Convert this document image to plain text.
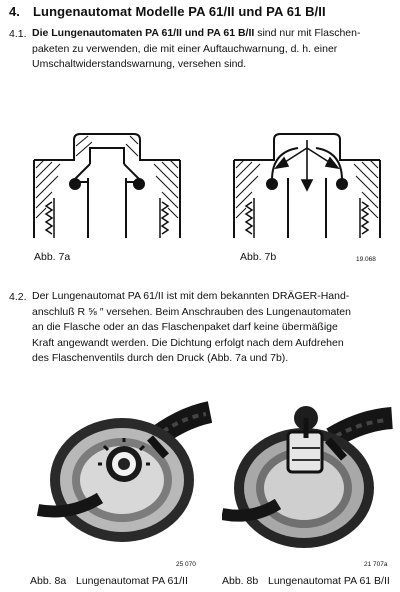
4. Lungenautomat Modelle PA 61/II und PA 61 B/II
4.1. Die Lungenautomaten PA 61/II und PA 61 B/II sind nur mit Flaschen-
paketen zu verwenden, die mit einer Auftauchwarnung, d. h. einer
Umschaltwiderstandswarnung, versehen sind.
Abb. 7a	Abb. 7b	19.068
4.2. Der Lungenautomat PA 61/II ist mit dem bekannten DRÄGER-Hand-
anschluß R ⅝ ″ versehen. Beim Anschrauben des Lungenautomaten
an die Flasche oder an das Flaschenpaket darf keine übermäßige
Kraft angewandt werden. Die Dichtung erfolgt nach dem Aufdrehen
des Flaschenventils durch den Druck (Abb. 7a und 7b).
25 070
Abb. 8a Lungenautomat PA 61/II
21 707a
Abb. 8b Lungenautomat PA 61 B/II
